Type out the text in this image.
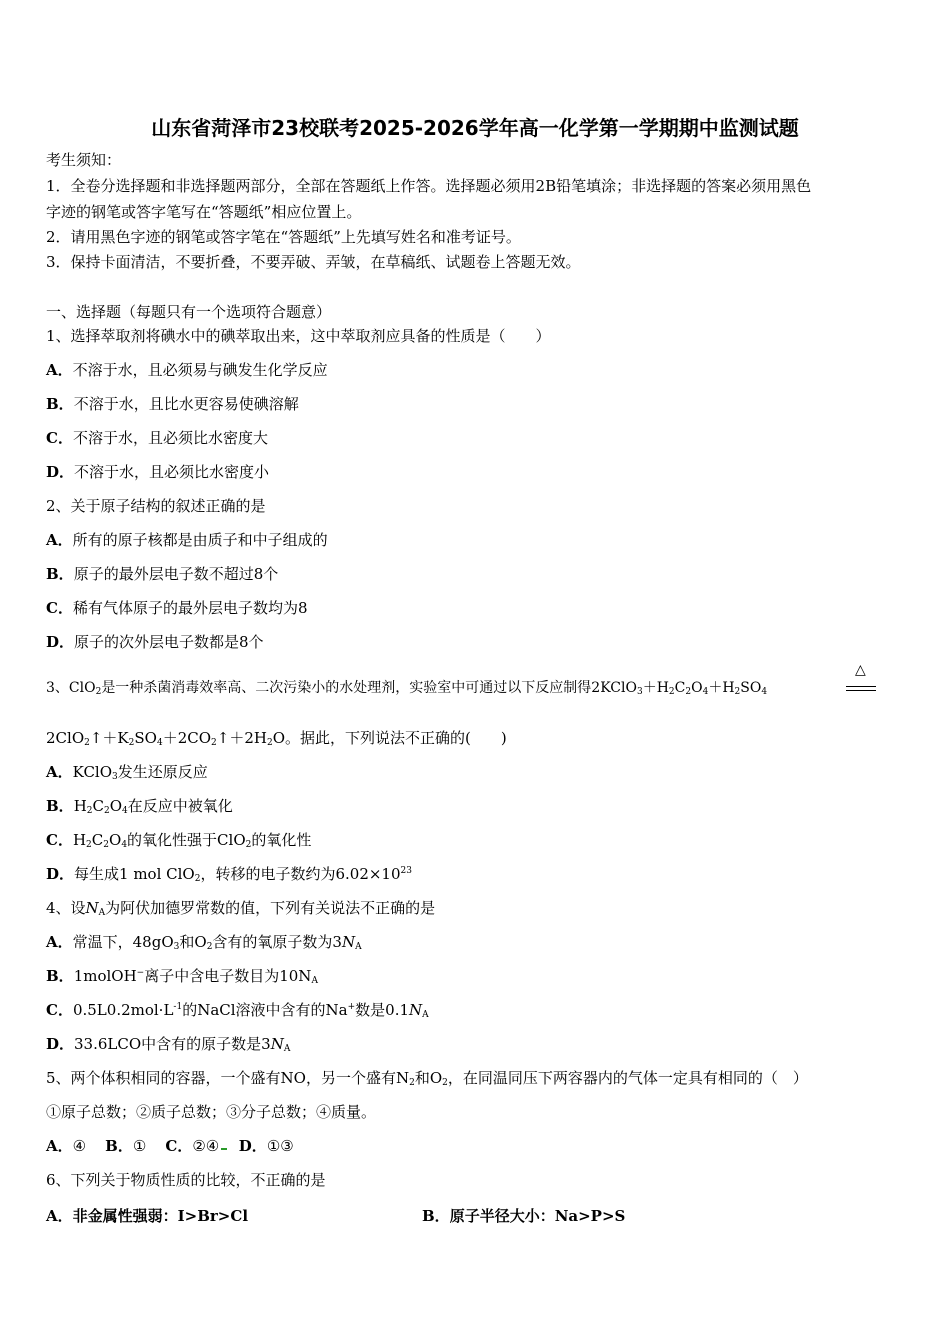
山东省菏泽市23校联考2025-2026学年高一化学第一学期期中监测试题
考生须知：
1．全卷分选择题和非选择题两部分，全部在答题纸上作答。选择题必须用2B铅笔填涂；非选择题的答案必须用黑色
字迹的钢笔或答字笔写在“答题纸”相应位置上。
2．请用黑色字迹的钢笔或答字笔在“答题纸”上先填写姓名和准考证号。
3．保持卡面清洁，不要折叠，不要弄破、弄皱，在草稿纸、试题卷上答题无效。
一、选择题（每题只有一个选项符合题意）
1、选择萃取剂将碘水中的碘萃取出来，这中萃取剂应具备的性质是（　　）
A．不溶于水，且必须易与碘发生化学反应
B．不溶于水，且比水更容易使碘溶解
C．不溶于水，且必须比水密度大
D．不溶于水，且必须比水密度小
2、关于原子结构的叙述正确的是
A．所有的原子核都是由质子和中子组成的
B．原子的最外层电子数不超过8个
C．稀有气体原子的最外层电子数均为8
D．原子的次外层电子数都是8个
3、ClO$_2$是一种杀菌消毒效率高、二次污染小的水处理剂，实验室中可通过以下反应制得$2KClO_3+H_2C_2O_4+H_2SO_4$
△
$2ClO_2↑+K_2SO_4+2CO_2↑+2H_2O$。据此，下列说法不正确的(　　)
A．KClO$_3$发生还原反应
B．$H_2C_2O_4$在反应中被氧化
C．$H_2C_2O_4$的氧化性强于ClO$_2$的氧化性
D．每生成1 mol ClO$_2$，转移的电子数约为$6.02\times 10^{23}$
4、设$N_A$为阿伏加德罗常数的值，下列有关说法不正确的是
A．常温下，$48gO_3$和$O_2$含有的氧原子数为$3N_A$
B．1molOH−离子中含电子数目为$10N_A$
C．$0.5L0.2mol\cdot L^{-1}$的NaCl溶液中含有的Na+数是$0.1N_A$
D．33.6LCO中含有的原子数是$3N_A$
5、两个体积相同的容器，一个盛有NO，另一个盛有$N_2$和$O_2$，在同温同压下两容器内的气体一定具有相同的（　）
①原子总数；②质子总数；③分子总数；④质量。
A．④ B．① C．②④ D．①③
6、下列关于物质性质的比较，不正确的是
A．非金属性强弱：I>Br>Cl	B．原子半径大小：Na>P>S
